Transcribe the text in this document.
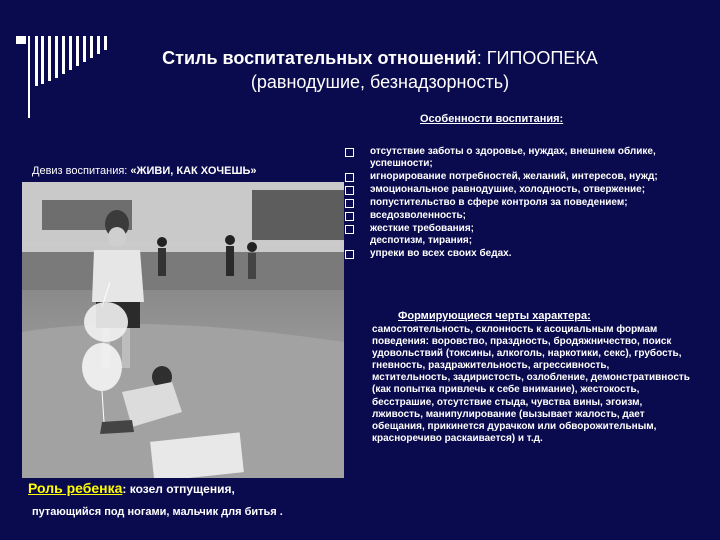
Стиль воспитательных отношений: ГИПООПЕКА
(равнодушие, безнадзорность)
Девиз воспитания: «ЖИВИ, КАК ХОЧЕШЬ»
Особенности воспитания:
отсутствие заботы о здоровье, нуждах, внешнем облике, успешности;
игнорирование потребностей, желаний, интересов, нужд;
эмоциональное равнодушие, холодность, отвержение;
попустительство в сфере контроля за поведением;
вседозволенность;
жесткие требования;
деспотизм, тирания;
упреки во всех своих бедах.
Формирующиеся черты характера:
самостоятельность, склонность к асоциальным формам поведения: воровство, праздность, бродяжничество, поиск удовольствий (токсины, алкоголь, наркотики, секс), грубость, гневность, раздражительность, агрессивность, мстительность, задиристость, озлобление, демонстративность (как попытка привлечь к себе внимание), жестокость, бесстрашие, отсутствие стыда, чувства вины, эгоизм, лживость, манипулирование (вызывает жалость, дает обещания, прикинется дурачком или обворожительным, красноречиво раскаивается) и т.д.
Роль ребенка: козел отпущения,
путающийся под ногами, мальчик для битья .
